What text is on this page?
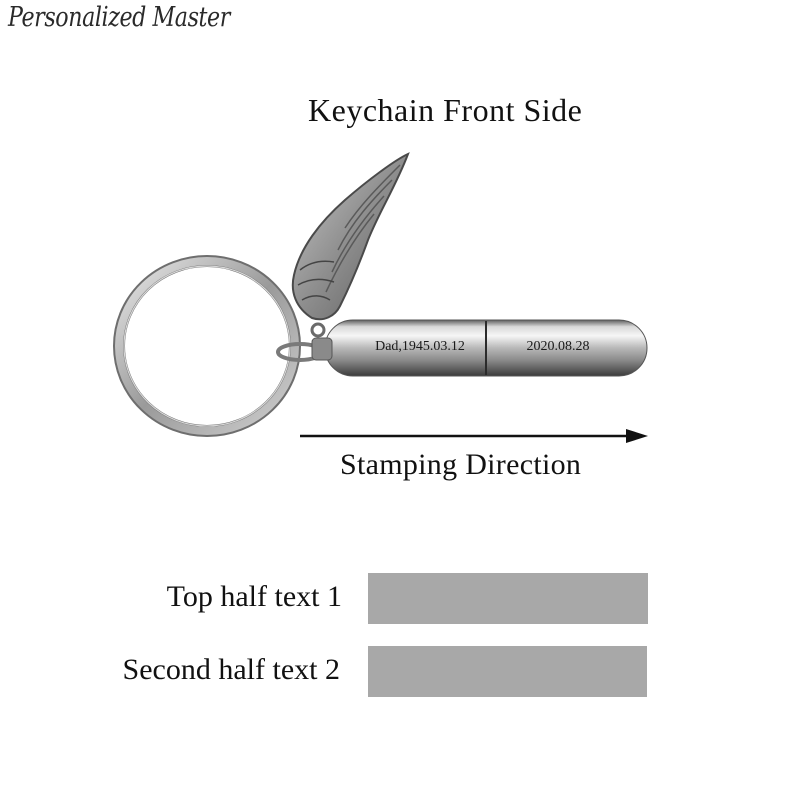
Personalized Master
Keychain Front Side
Dad,1945.03.12	2020.08.28
Stamping Direction
Top half text 1
Second half text 2
